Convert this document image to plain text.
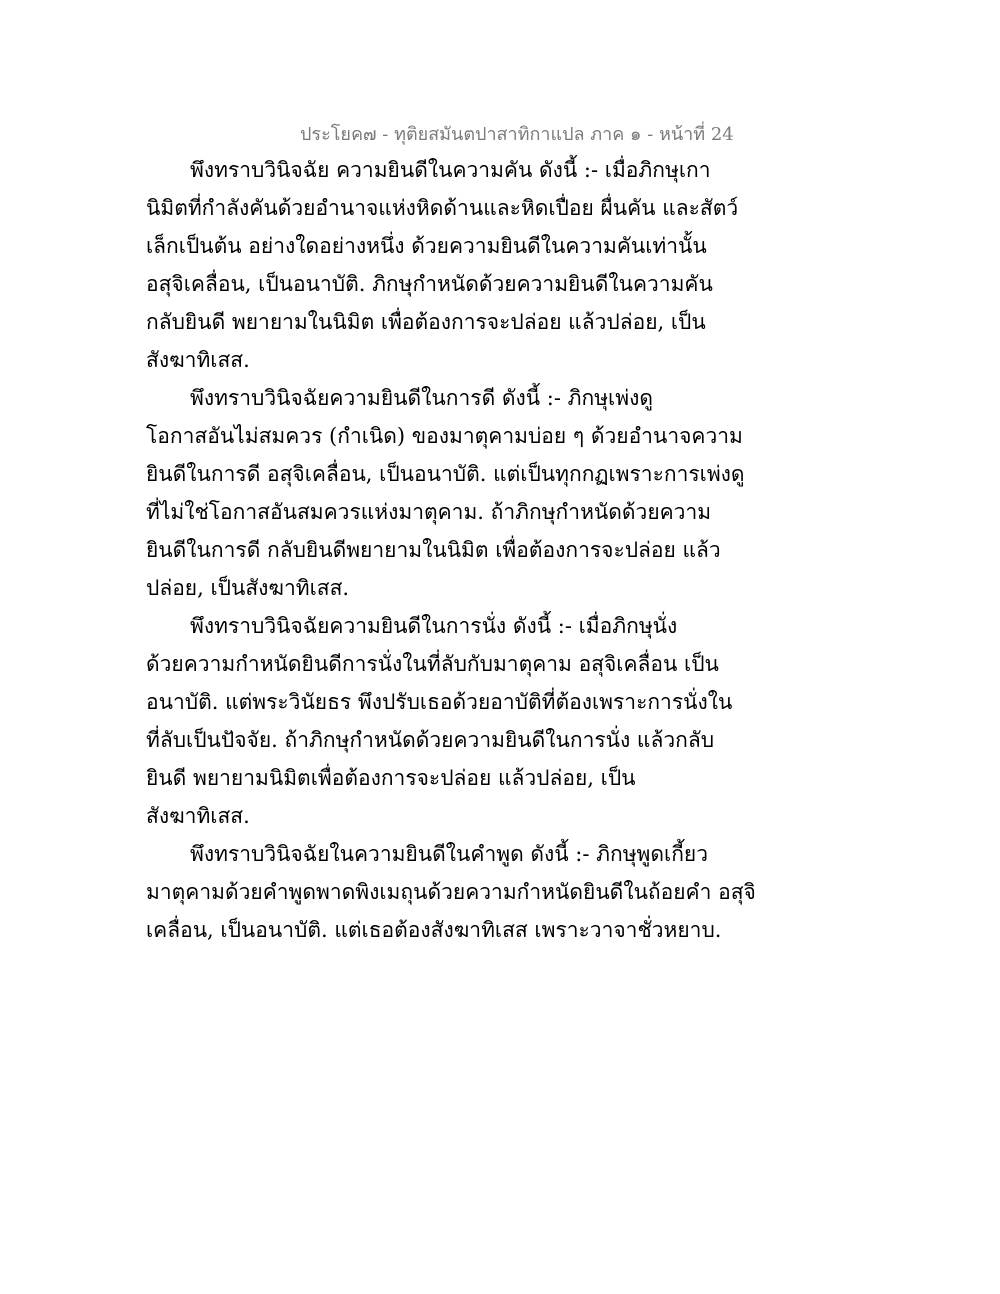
ประโยค๗ - ทุติยสมันตปาสาทิกาแปล ภาค ๑ - หน้าที่ 24
พึงทราบวินิจฉัย ความยินดีในความคัน ดังนี้ :- เมื่อภิกษุเกา
นิมิตที่กำลังคันด้วยอำนาจแห่งหิดด้านและหิดเปื่อย ผื่นคัน และสัตว์
เล็กเป็นต้น อย่างใดอย่างหนึ่ง ด้วยความยินดีในความคันเท่านั้น
อสุจิเคลื่อน, เป็นอนาบัติ. ภิกษุกำหนัดด้วยความยินดีในความคัน
กลับยินดี พยายามในนิมิต เพื่อต้องการจะปล่อย แล้วปล่อย, เป็น
สังฆาทิเสส.
พึงทราบวินิจฉัยความยินดีในการดี ดังนี้ :- ภิกษุเพ่งดู
โอกาสอันไม่สมควร (กำเนิด) ของมาตุคามบ่อย ๆ ด้วยอำนาจความ
ยินดีในการดี อสุจิเคลื่อน, เป็นอนาบัติ. แต่เป็นทุกกฏเพราะการเพ่งดู
ที่ไม่ใช่โอกาสอันสมควรแห่งมาตุคาม. ถ้าภิกษุกำหนัดด้วยความ
ยินดีในการดี กลับยินดีพยายามในนิมิต เพื่อต้องการจะปล่อย แล้ว
ปล่อย, เป็นสังฆาทิเสส.
พึงทราบวินิจฉัยความยินดีในการนั่ง ดังนี้ :- เมื่อภิกษุนั่ง
ด้วยความกำหนัดยินดีการนั่งในที่ลับกับมาตุคาม อสุจิเคลื่อน เป็น
อนาบัติ. แต่พระวินัยธร พึงปรับเธอด้วยอาบัติที่ต้องเพราะการนั่งใน
ที่ลับเป็นปัจจัย. ถ้าภิกษุกำหนัดด้วยความยินดีในการนั่ง แล้วกลับ
ยินดี พยายามนิมิตเพื่อต้องการจะปล่อย แล้วปล่อย, เป็น
สังฆาทิเสส.
พึงทราบวินิจฉัยในความยินดีในคำพูด ดังนี้ :- ภิกษุพูดเกี้ยว
มาตุคามด้วยคำพูดพาดพิงเมถุนด้วยความกำหนัดยินดีในถ้อยคำ อสุจิ
เคลื่อน, เป็นอนาบัติ. แต่เธอต้องสังฆาทิเสส เพราะวาจาชั่วหยาบ.
